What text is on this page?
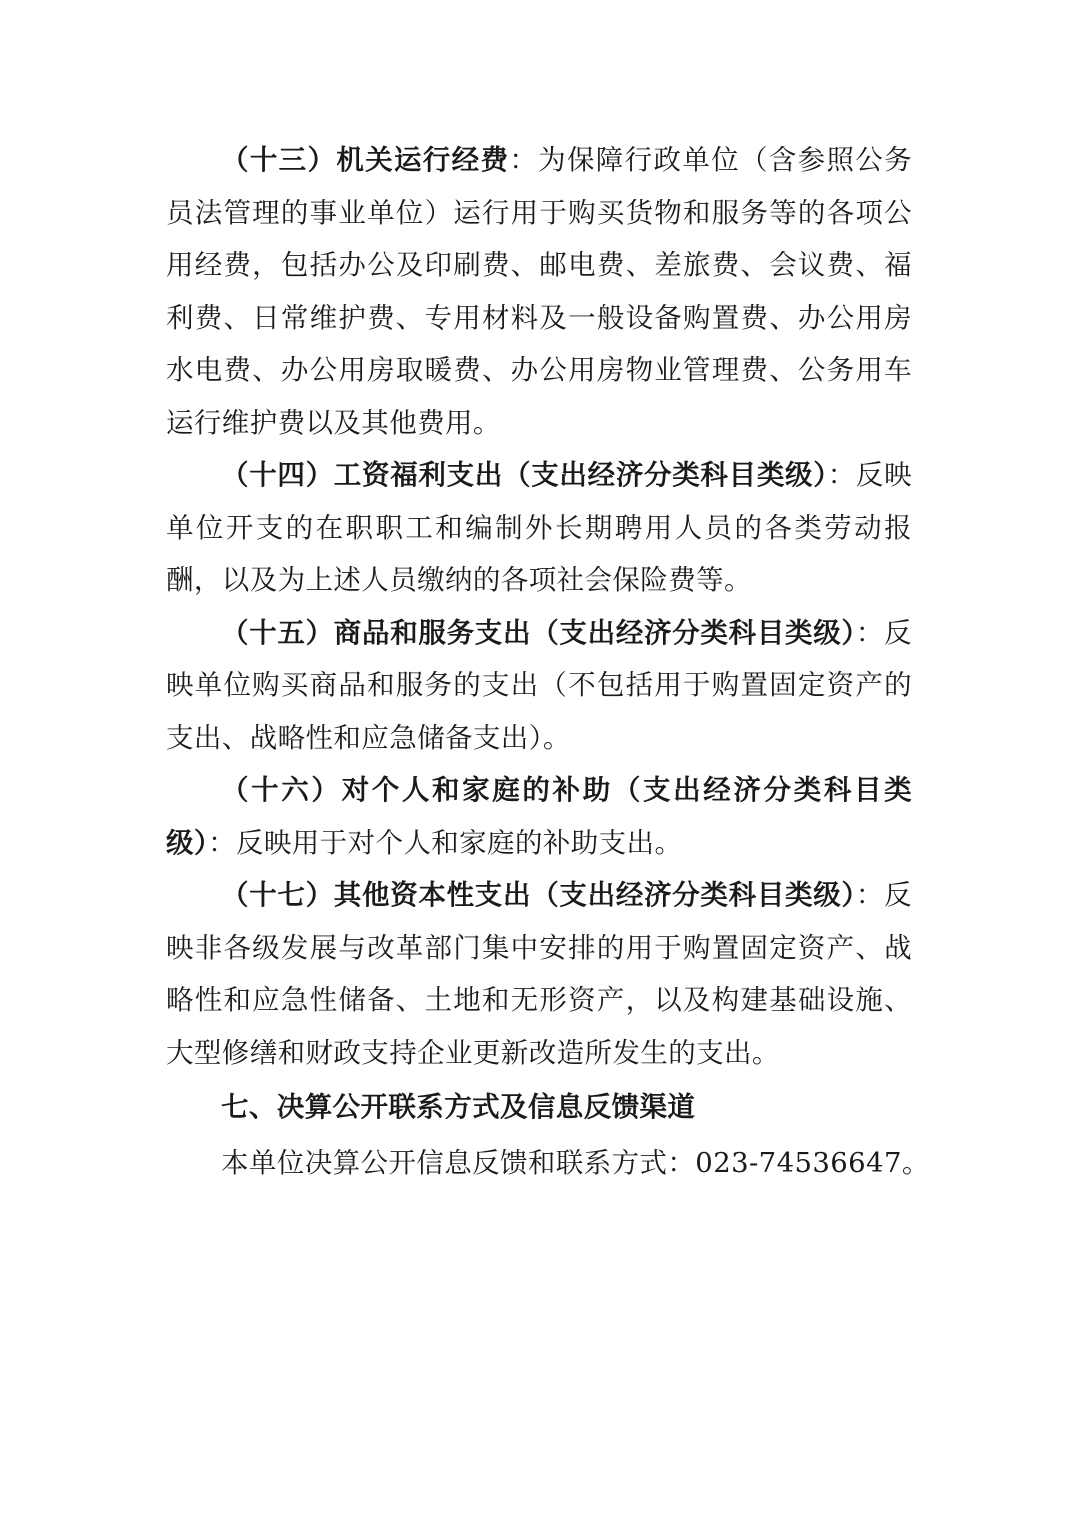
（十三）机关运行经费：为保障行政单位（含参照公务员法管理的事业单位）运行用于购买货物和服务等的各项公用经费，包括办公及印刷费、邮电费、差旅费、会议费、福利费、日常维护费、专用材料及一般设备购置费、办公用房水电费、办公用房取暖费、办公用房物业管理费、公务用车运行维护费以及其他费用。

（十四）工资福利支出（支出经济分类科目类级）：反映单位开支的在职职工和编制外长期聘用人员的各类劳动报酬，以及为上述人员缴纳的各项社会保险费等。

（十五）商品和服务支出（支出经济分类科目类级）：反映单位购买商品和服务的支出（不包括用于购置固定资产的支出、战略性和应急储备支出）。

（十六）对个人和家庭的补助（支出经济分类科目类级）：反映用于对个人和家庭的补助支出。

（十七）其他资本性支出（支出经济分类科目类级）：反映非各级发展与改革部门集中安排的用于购置固定资产、战略性和应急性储备、土地和无形资产，以及构建基础设施、大型修缮和财政支持企业更新改造所发生的支出。

七、决算公开联系方式及信息反馈渠道

本单位决算公开信息反馈和联系方式：023-74536647。
